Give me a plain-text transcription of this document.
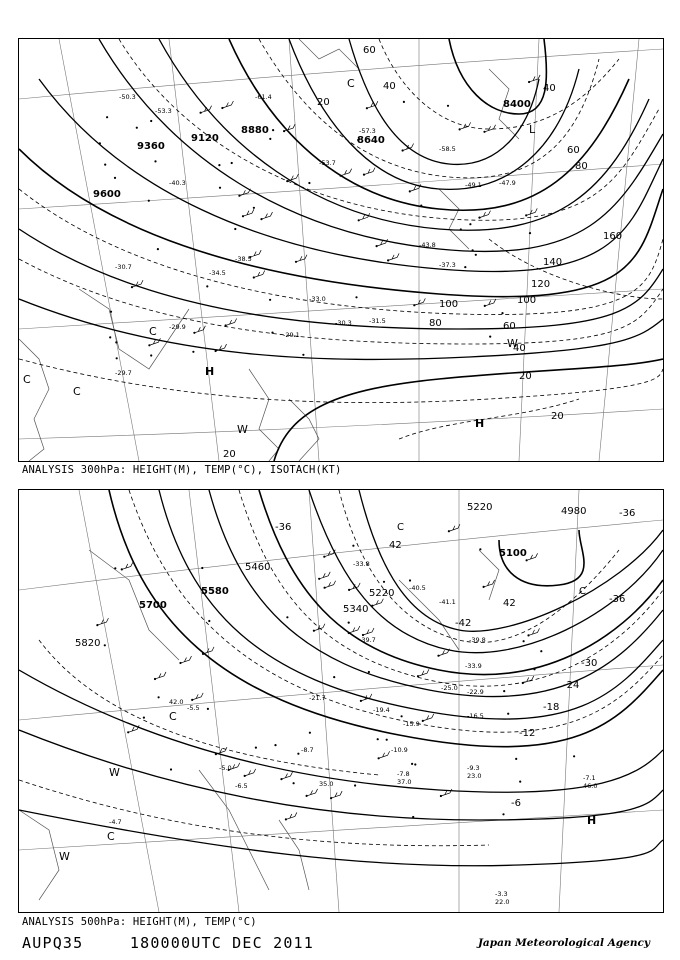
9360
9120
8880
8640
8400
9600
100
80	60
40
20
20
40
60
80
100
120
140
160
40
20
20
60
-50.3
-40.3
-30.7
-29.9
-34.5
-38.5
-43.8
-49.1
-53.7
-57.3
-58.5
-47.9
-37.3
-31.5
-30.3
-29.1
-33.0
-29.7
-53.3
-61.4
C
C
H
C
L
H
W
W
C
ANALYSIS 300hPa: HEIGHT(M), TEMP(°C), ISOTACH(KT)
5700
5580
5460
5340
5220
5100
5220	4980
5820
-36
42
-36
42
-30
-24
-18
-12
-6
-36
-42
C
C
-21.7
-19.4
-15.9
-8.7	-10.9
-7.8
-9.3
-7.1
-5.0
-6.5
-3.3
22.0
-33.8
-39.7
-40.5
-41.1
-39.8
-33.9
-25.0 -22.9
-16.5
23.0
46.0
37.0
35.0
42.0
-5.5
-4.7
W
W
C
H
C
ANALYSIS 500hPa: HEIGHT(M), TEMP(°C)
AUPQ35	180000UTC DEC 2011	Japan Meteorological Agency
